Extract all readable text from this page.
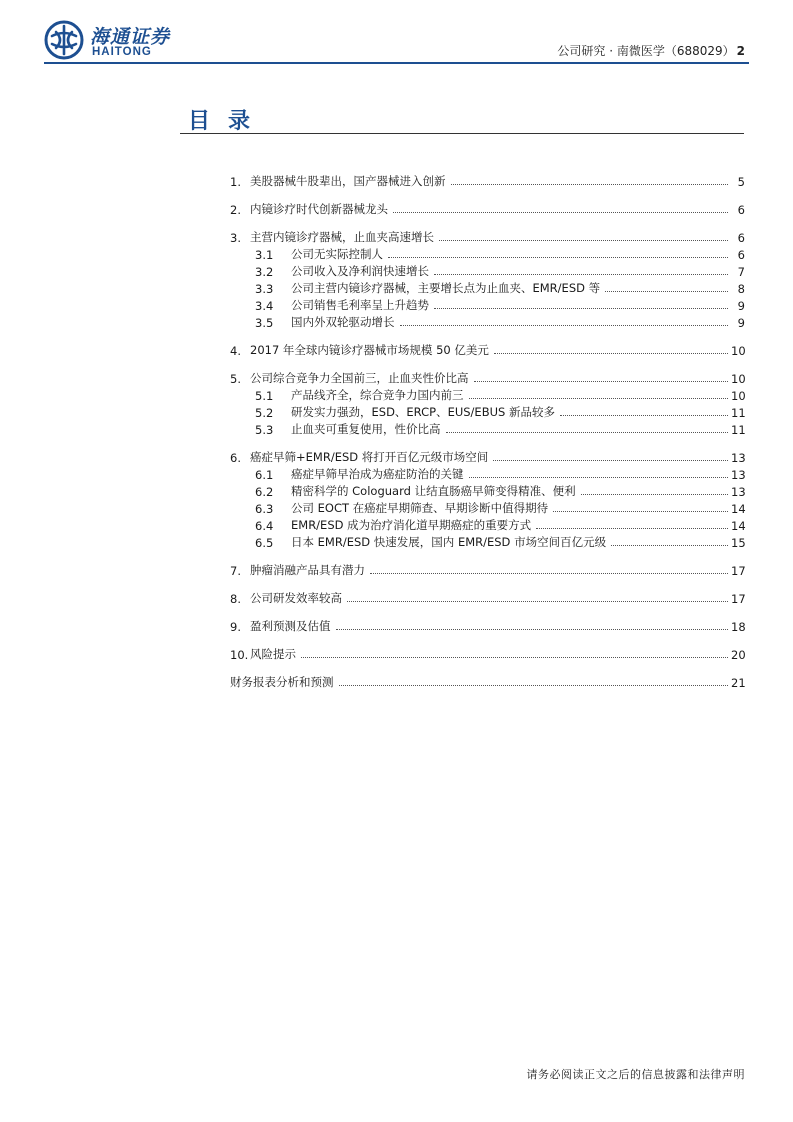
海通证券
HAITONG	公司研究 · 南微医学（688029） 2
目录
1. 美股器械牛股辈出，国产器械进入创新	5
2. 内镜诊疗时代创新器械龙头	6
3. 主营内镜诊疗器械，止血夹高速增长	6
3.1	公司无实际控制人	6
3.2	公司收入及净利润快速增长	7
3.3	公司主营内镜诊疗器械，主要增长点为止血夹、EMR/ESD 等	8
3.4	公司销售毛利率呈上升趋势	9
3.5	国内外双轮驱动增长	9
4. 2017 年全球内镜诊疗器械市场规模 50 亿美元	10
5. 公司综合竞争力全国前三，止血夹性价比高	10
5.1	产品线齐全，综合竞争力国内前三	10
5.2	研发实力强劲，ESD、ERCP、EUS/EBUS 新品较多	11
5.3	止血夹可重复使用，性价比高	11
6. 癌症早筛+EMR/ESD 将打开百亿元级市场空间	13
6.1	癌症早筛早治成为癌症防治的关键	13
6.2	精密科学的 Cologuard 让结直肠癌早筛变得精准、便利	13
6.3	公司 EOCT 在癌症早期筛查、早期诊断中值得期待	14
6.4	EMR/ESD 成为治疗消化道早期癌症的重要方式	14
6.5	日本 EMR/ESD 快速发展，国内 EMR/ESD 市场空间百亿元级	15
7. 肿瘤消融产品具有潜力	17
8. 公司研发效率较高	17
9. 盈利预测及估值	18
10. 风险提示	20
财务报表分析和预测	21
请务必阅读正文之后的信息披露和法律声明
